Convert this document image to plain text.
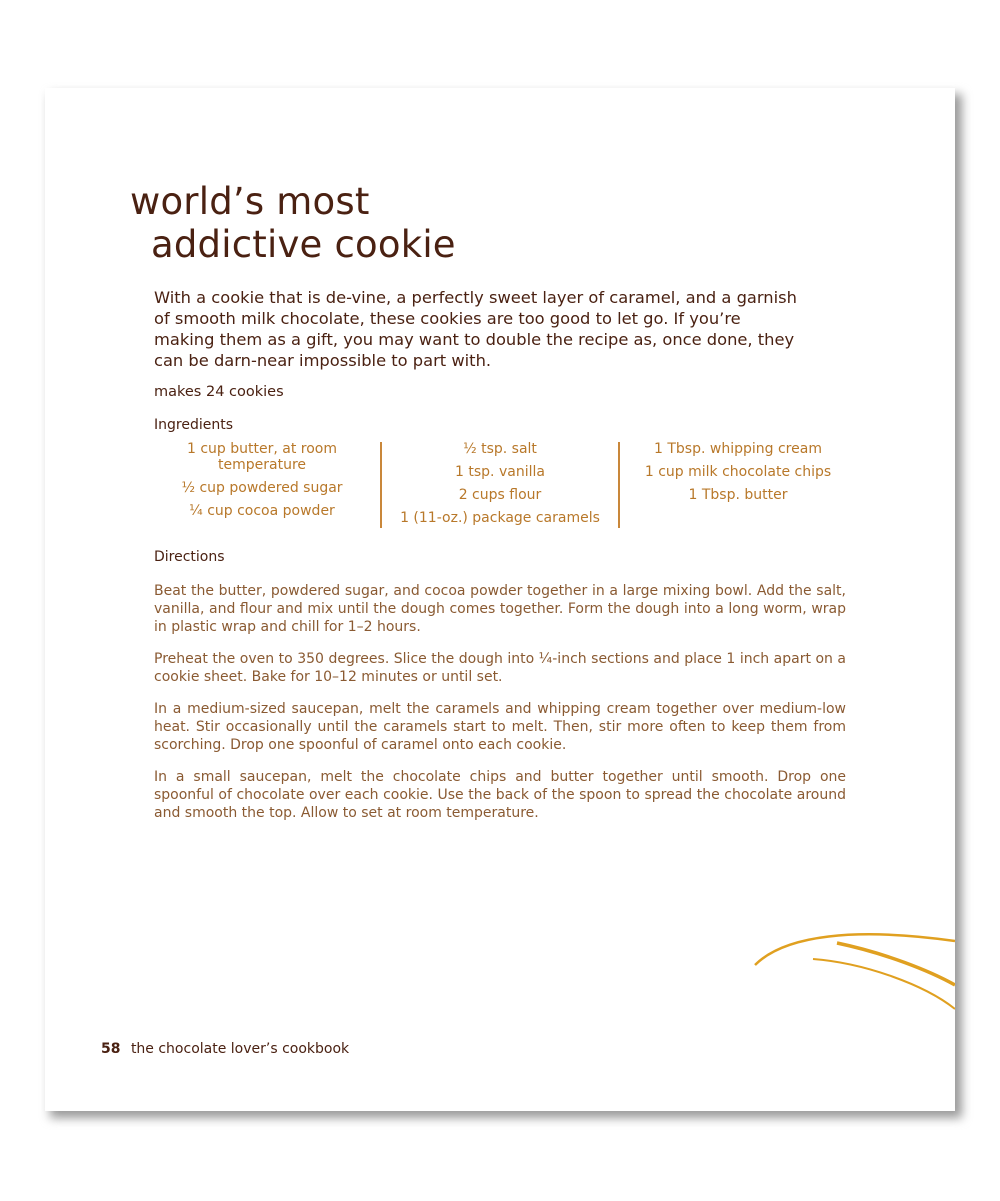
world’s most
addictive cookie

With a cookie that is de-vine, a perfectly sweet layer of caramel, and a garnish of smooth milk chocolate, these cookies are too good to let go. If you’re making them as a gift, you may want to double the recipe as, once done, they can be darn-near impossible to part with.

makes 24 cookies

Ingredients

1 cup butter, at room temperature
½ cup powdered sugar
¼ cup cocoa powder
½ tsp. salt
1 tsp. vanilla
2 cups flour
1 (11-oz.) package caramels
1 Tbsp. whipping cream
1 cup milk chocolate chips
1 Tbsp. butter

Directions

Beat the butter, powdered sugar, and cocoa powder together in a large mixing bowl. Add the salt, vanilla, and flour and mix until the dough comes together. Form the dough into a long worm, wrap in plastic wrap and chill for 1–2 hours.

Preheat the oven to 350 degrees. Slice the dough into ¼-inch sections and place 1 inch apart on a cookie sheet. Bake for 10–12 minutes or until set.

In a medium-sized saucepan, melt the caramels and whipping cream together over medium-low heat. Stir occasionally until the caramels start to melt. Then, stir more often to keep them from scorching. Drop one spoonful of caramel onto each cookie.

In a small saucepan, melt the chocolate chips and butter together until smooth. Drop one spoonful of chocolate over each cookie. Use the back of the spoon to spread the chocolate around and smooth the top. Allow to set at room temperature.

58 the chocolate lover’s cookbook
